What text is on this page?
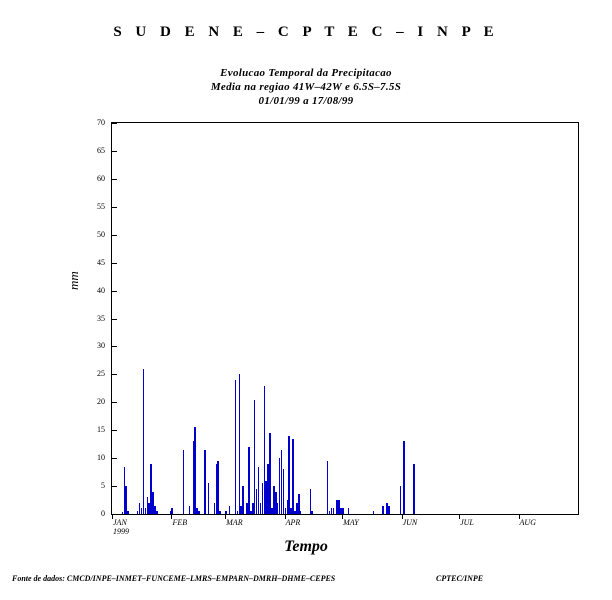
S U D E N E – C P T E C – I N P E
Evolucao Temporal da Precipitacao
Media na regiao 41W–42W e 6.5S–7.5S
01/01/99 a 17/08/99
mm
0
5
10
15
20
25
30
35
40
45
50
55
60
65
70
JAN	FEB	MAR	APR	MAY	JUN	JUL	AUG
1999
Tempo
Fonte de dados: CMCD/INPE–INMET–FUNCEME–LMRS–EMPARN–DMRH–DHME–CEPES	CPTEC/INPE
